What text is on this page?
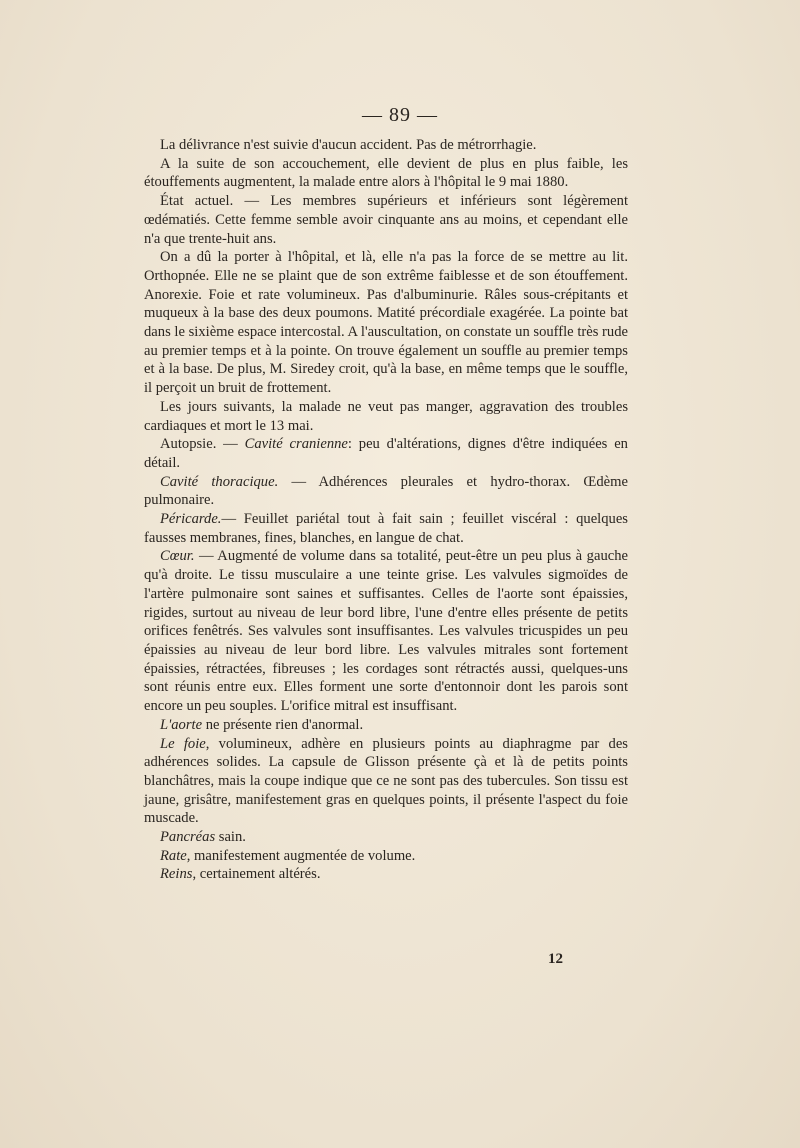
— 89 —

La délivrance n'est suivie d'aucun accident. Pas de métrorrhagie.

A la suite de son accouchement, elle devient de plus en plus faible, les étouffements augmentent, la malade entre alors à l'hôpital le 9 mai 1880.

État actuel. — Les membres supérieurs et inférieurs sont légèrement œdématiés. Cette femme semble avoir cinquante ans au moins, et cependant elle n'a que trente-huit ans.

On a dû la porter à l'hôpital, et là, elle n'a pas la force de se mettre au lit. Orthopnée. Elle ne se plaint que de son extrême faiblesse et de son étouffement. Anorexie. Foie et rate volumineux. Pas d'albuminurie. Râles sous-crépitants et muqueux à la base des deux poumons. Matité précordiale exagérée. La pointe bat dans le sixième espace intercostal. A l'auscultation, on constate un souffle très rude au premier temps et à la pointe. On trouve également un souffle au premier temps et à la base. De plus, M. Siredey croit, qu'à la base, en même temps que le souffle, il perçoit un bruit de frottement.

Les jours suivants, la malade ne veut pas manger, aggravation des troubles cardiaques et mort le 13 mai.

Autopsie. — Cavité cranienne: peu d'altérations, dignes d'être indiquées en détail.

Cavité thoracique. — Adhérences pleurales et hydro-thorax. Œdème pulmonaire.

Péricarde.— Feuillet pariétal tout à fait sain ; feuillet viscéral : quelques fausses membranes, fines, blanches, en langue de chat.

Cœur. — Augmenté de volume dans sa totalité, peut-être un peu plus à gauche qu'à droite. Le tissu musculaire a une teinte grise. Les valvules sigmoïdes de l'artère pulmonaire sont saines et suffisantes. Celles de l'aorte sont épaissies, rigides, surtout au niveau de leur bord libre, l'une d'entre elles présente de petits orifices fenêtrés. Ses valvules sont insuffisantes. Les valvules tricuspides un peu épaissies au niveau de leur bord libre. Les valvules mitrales sont fortement épaissies, rétractées, fibreuses ; les cordages sont rétractés aussi, quelques-uns sont réunis entre eux. Elles forment une sorte d'entonnoir dont les parois sont encore un peu souples. L'orifice mitral est insuffisant.

L'aorte ne présente rien d'anormal.

Le foie, volumineux, adhère en plusieurs points au diaphragme par des adhérences solides. La capsule de Glisson présente çà et là de petits points blanchâtres, mais la coupe indique que ce ne sont pas des tubercules. Son tissu est jaune, grisâtre, manifestement gras en quelques points, il présente l'aspect du foie muscade.

Pancréas sain.

Rate, manifestement augmentée de volume.

Reins, certainement altérés.

12
